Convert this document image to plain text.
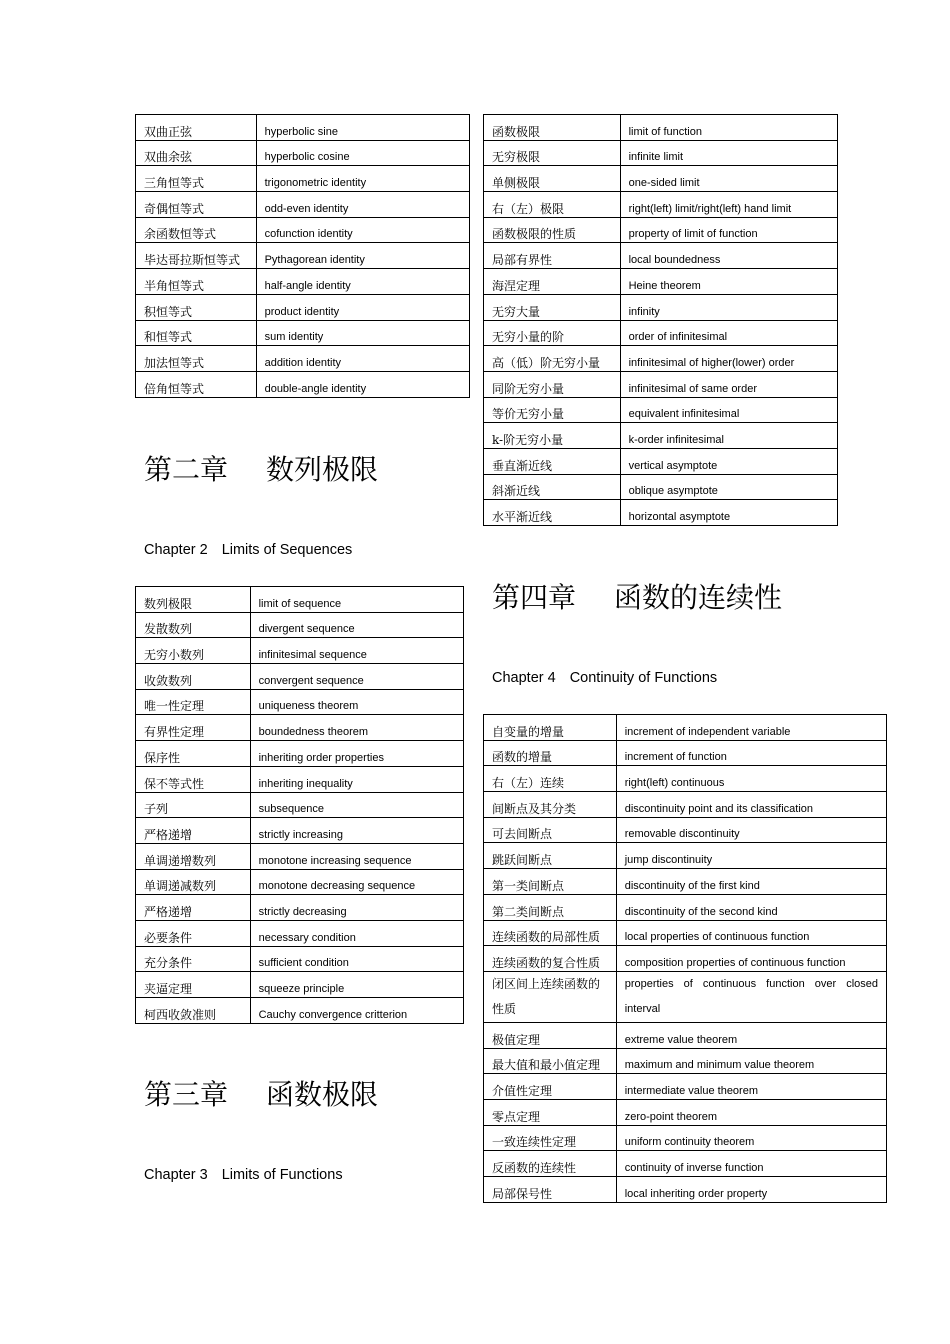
双曲正弦	hyperbolic sine
双曲余弦	hyperbolic cosine
三角恒等式	trigonometric identity
奇偶恒等式	odd-even identity
余函数恒等式	cofunction identity
毕达哥拉斯恒等式	Pythagorean identity
半角恒等式	half-angle identity
积恒等式	product identity
和恒等式	sum identity
加法恒等式	addition identity
倍角恒等式	double-angle identity
函数极限	limit of function
无穷极限	infinite limit
单侧极限	one-sided limit
右（左）极限	right(left) limit/right(left) hand limit
函数极限的性质	property of limit of function
局部有界性	local boundedness
海涅定理	Heine theorem
无穷大量	infinity
无穷小量的阶	order of infinitesimal
高（低）阶无穷小量	infinitesimal of higher(lower) order
同阶无穷小量	infinitesimal of same order
等价无穷小量	equivalent infinitesimal
k-阶无穷小量	k-order infinitesimal
垂直渐近线	vertical asymptote
斜渐近线	oblique asymptote
水平渐近线	horizontal asymptote
第二章 数列极限
Chapter 2 Limits of Sequences
数列极限	limit of sequence
发散数列	divergent sequence
无穷小数列	infinitesimal sequence
收敛数列	convergent sequence
唯一性定理	uniqueness theorem
有界性定理	boundedness theorem
保序性	inheriting order properties
保不等式性	inheriting inequality
子列	subsequence
严格递增	strictly increasing
单调递增数列	monotone increasing sequence
单调递减数列	monotone decreasing sequence
严格递增	strictly decreasing
必要条件	necessary condition
充分条件	sufficient condition
夹逼定理	squeeze principle
柯西收敛准则	Cauchy convergence critterion
第三章 函数极限
Chapter 3 Limits of Functions
第四章 函数的连续性
Chapter 4 Continuity of Functions
自变量的增量	increment of independent variable
函数的增量	increment of function
右（左）连续	right(left) continuous
间断点及其分类	discontinuity point and its classification
可去间断点	removable discontinuity
跳跃间断点	jump discontinuity
第一类间断点	discontinuity of the first kind
第二类间断点	discontinuity of the second kind
连续函数的局部性质	local properties of continuous function
连续函数的复合性质	composition properties of continuous function
闭区间上连续函数的性质	properties of continuous function over closed interval
极值定理	extreme value theorem
最大值和最小值定理	maximum and minimum value theorem
介值性定理	intermediate value theorem
零点定理	zero-point theorem
一致连续性定理	uniform continuity theorem
反函数的连续性	continuity of inverse function
局部保号性	local inheriting order property
